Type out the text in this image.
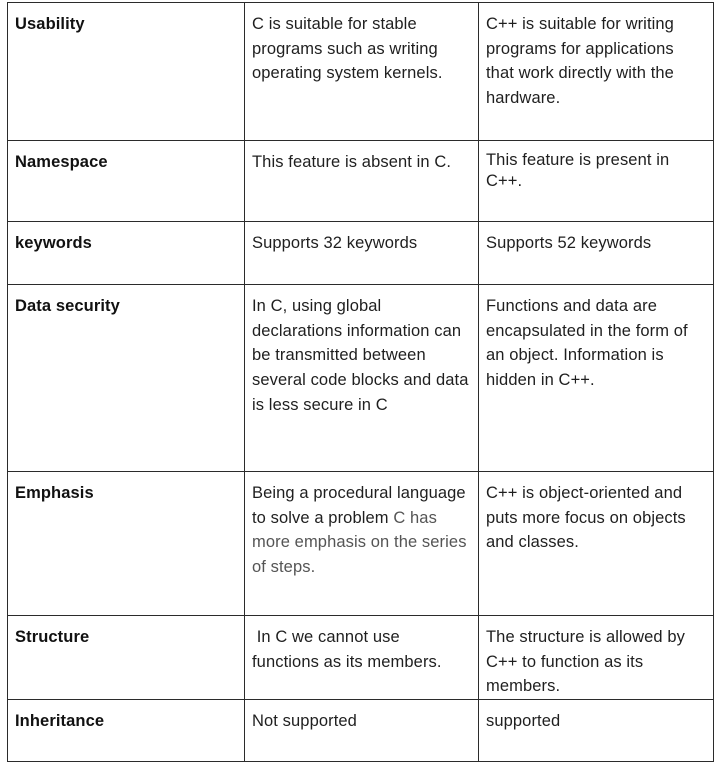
Usability	C is suitable for stable programs such as writing operating system kernels.	C++ is suitable for writing programs for applications that work directly with the hardware.
Namespace	This feature is absent in C.	This feature is present in C++.
keywords	Supports 32 keywords	Supports 52 keywords
Data security	In C, using global declarations information can be transmitted between several code blocks and data is less secure in C	Functions and data are encapsulated in the form of an object. Information is hidden in C++.
Emphasis	Being a procedural language to solve a problem C has more emphasis on the series of steps.	C++ is object-oriented and puts more focus on objects and classes.
Structure	In C we cannot use functions as its members.	The structure is allowed by C++ to function as its members.
Inheritance	Not supported	supported
